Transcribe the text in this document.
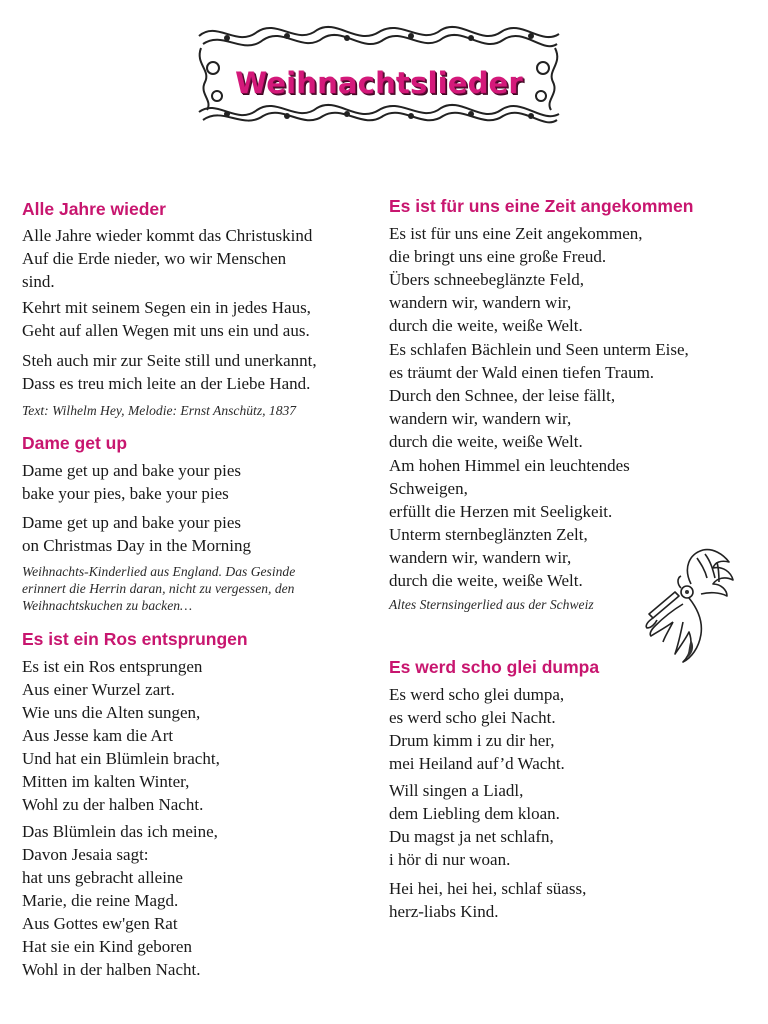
Weihnachtslieder
Alle Jahre wieder
Alle Jahre wieder kommt das Christuskind
Auf die Erde nieder, wo wir Menschen
sind.
Kehrt mit seinem Segen ein in jedes Haus,
Geht auf allen Wegen mit uns ein und aus.
Steh auch mir zur Seite still und unerkannt,
Dass es treu mich leite an der Liebe Hand.
Text: Wilhelm Hey, Melodie: Ernst Anschütz, 1837
Dame get up
Dame get up and bake your pies
bake your pies, bake your pies
Dame get up and bake your pies
on Christmas Day in the Morning
Weihnachts-Kinderlied aus England. Das Gesinde
erinnert die Herrin daran, nicht zu vergessen, den
Weihnachtskuchen zu backen…
Es ist ein Ros entsprungen
Es ist ein Ros entsprungen
Aus einer Wurzel zart.
Wie uns die Alten sungen,
Aus Jesse kam die Art
Und hat ein Blümlein bracht,
Mitten im kalten Winter,
Wohl zu der halben Nacht.
Das Blümlein das ich meine,
Davon Jesaia sagt:
hat uns gebracht alleine
Marie, die reine Magd.
Aus Gottes ew'gen Rat
Hat sie ein Kind geboren
Wohl in der halben Nacht.
Es ist für uns eine Zeit angekommen
Es ist für uns eine Zeit angekommen,
die bringt uns eine große Freud.
Übers schneebeglänzte Feld,
wandern wir, wandern wir,
durch die weite, weiße Welt.
Es schlafen Bächlein und Seen unterm Eise,
es träumt der Wald einen tiefen Traum.
Durch den Schnee, der leise fällt,
wandern wir, wandern wir,
durch die weite, weiße Welt.
Am hohen Himmel ein leuchtendes
Schweigen,
erfüllt die Herzen mit Seeligkeit.
Unterm sternbeglänzten Zelt,
wandern wir, wandern wir,
durch die weite, weiße Welt.
Altes Sternsingerlied aus der Schweiz
Es werd scho glei dumpa
Es werd scho glei dumpa,
es werd scho glei Nacht.
Drum kimm i zu dir her,
mei Heiland auf’d Wacht.
Will singen a Liadl,
dem Liebling dem kloan.
Du magst ja net schlafn,
i hör di nur woan.
Hei hei, hei hei, schlaf süass,
herz-liabs Kind.
